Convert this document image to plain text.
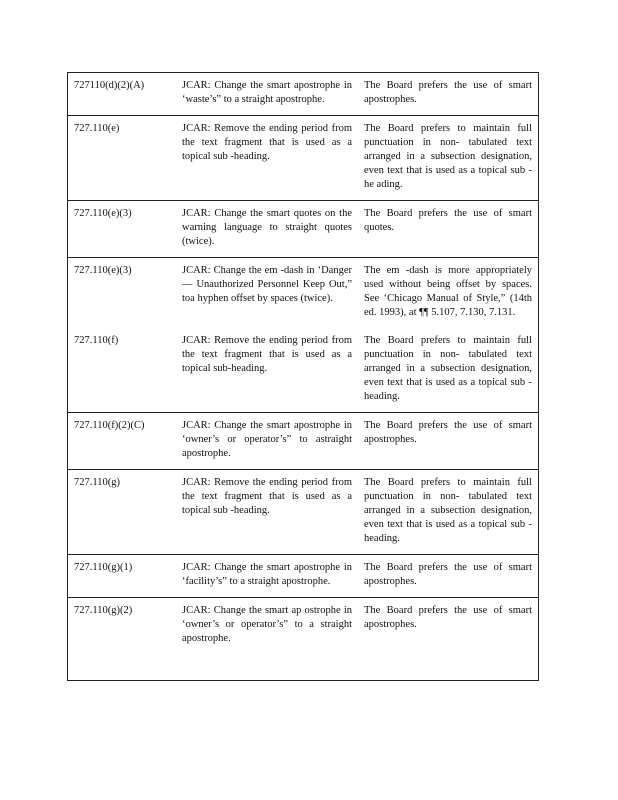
727110(d)(2)(A)	JCAR: Change the smart apostrophe in ‘waste’s” to a straight apostrophe.	The Board prefers the use of smart apostrophes.
727.110(e)	JCAR: Remove the ending period from the text fragment that is used as a topical sub -heading.	The Board prefers to maintain full punctuation in non- tabulated text arranged in a subsection designation, even text that is used as a topical sub -he ading.
727.110(e)(3)	JCAR: Change the smart quotes on the warning language to straight quotes (twice).	The Board prefers the use of smart quotes.
727.110(e)(3)	JCAR: Change the em -dash in ‘Danger — Unauthorized Personnel Keep Out,” toa hyphen offset by spaces (twice).	The em -dash is more appropriately used without being offset by spaces. See ‘Chicago Manual of Style,” (14th ed. 1993), at ¶¶ 5.107, 7.130, 7.131.
727.110(f)	JCAR: Remove the ending period from the text fragment that is used as a topical sub-heading.	The Board prefers to maintain full punctuation in non- tabulated text arranged in a subsection designation, even text that is used as a topical sub -heading.
727.110(f)(2)(C)	JCAR: Change the smart apostrophe in ‘owner’s or operator’s” to astraight apostrophe.	The Board prefers the use of smart apostrophes.
727.110(g)	JCAR: Remove the ending period from the text fragment that is used as a topical sub -heading.	The Board prefers to maintain full punctuation in non- tabulated text arranged in a subsection designation, even text that is used as a topical sub -heading.
727.110(g)(1)	JCAR: Change the smart apostrophe in ‘facility’s” to a straight apostrophe.	The Board prefers the use of smart apostrophes.
727.110(g)(2)	JCAR: Change the smart ap ostrophe in ‘owner’s or operator’s” to a straight apostrophe.	The Board prefers the use of smart apostrophes.
